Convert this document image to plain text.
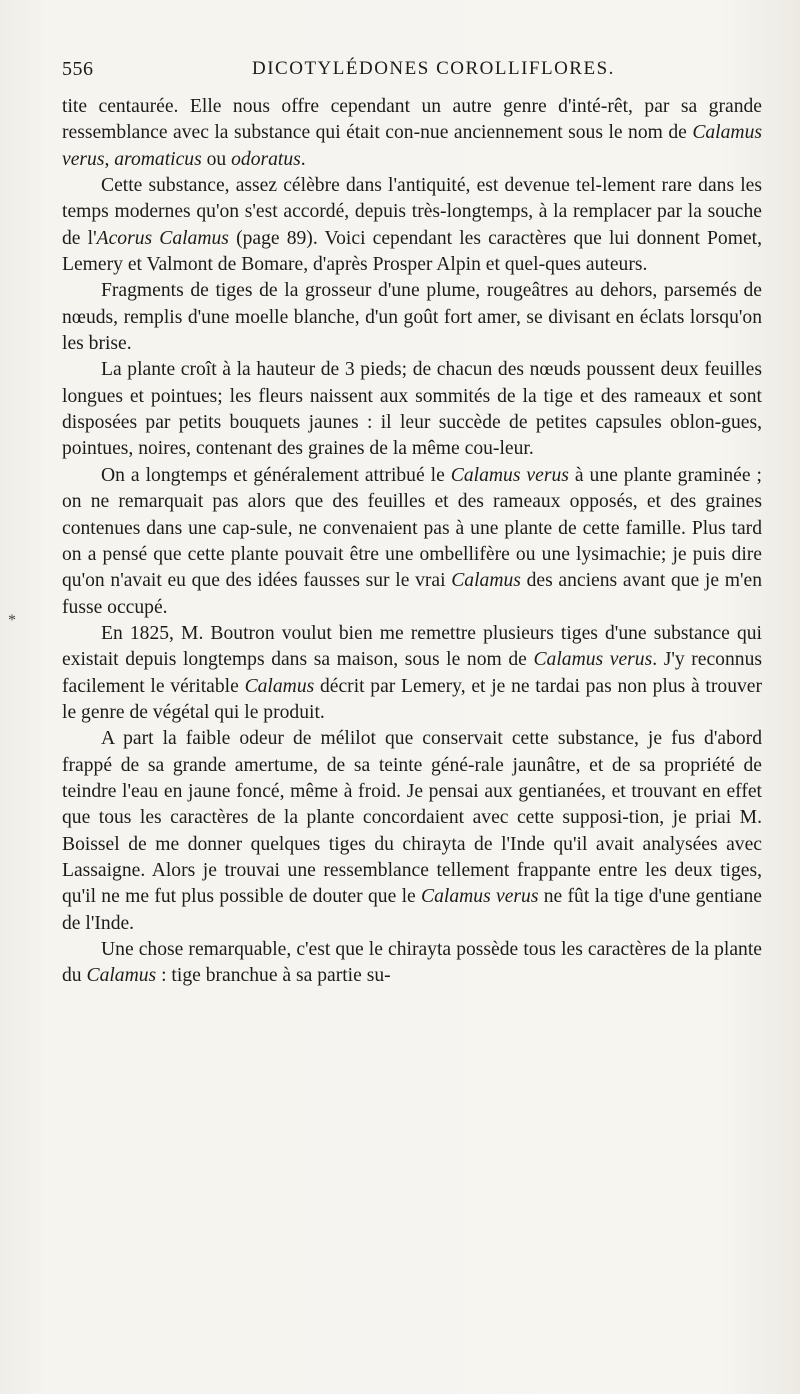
556	DICOTYLÉDONES COROLLIFLORES.
*

tite centaurée. Elle nous offre cependant un autre genre d'inté-rêt, par sa grande ressemblance avec la substance qui était con-nue anciennement sous le nom de Calamus verus, aromaticus ou odoratus.

Cette substance, assez célèbre dans l'antiquité, est devenue tel-lement rare dans les temps modernes qu'on s'est accordé, depuis très-longtemps, à la remplacer par la souche de l'Acorus Calamus (page 89). Voici cependant les caractères que lui donnent Pomet, Lemery et Valmont de Bomare, d'après Prosper Alpin et quel-ques auteurs.

Fragments de tiges de la grosseur d'une plume, rougeâtres au dehors, parsemés de nœuds, remplis d'une moelle blanche, d'un goût fort amer, se divisant en éclats lorsqu'on les brise.

La plante croît à la hauteur de 3 pieds; de chacun des nœuds poussent deux feuilles longues et pointues; les fleurs naissent aux sommités de la tige et des rameaux et sont disposées par petits bouquets jaunes : il leur succède de petites capsules oblon-gues, pointues, noires, contenant des graines de la même cou-leur.

On a longtemps et généralement attribué le Calamus verus à une plante graminée ; on ne remarquait pas alors que des feuilles et des rameaux opposés, et des graines contenues dans une cap-sule, ne convenaient pas à une plante de cette famille. Plus tard on a pensé que cette plante pouvait être une ombellifère ou une lysimachie; je puis dire qu'on n'avait eu que des idées fausses sur le vrai Calamus des anciens avant que je m'en fusse occupé.

En 1825, M. Boutron voulut bien me remettre plusieurs tiges d'une substance qui existait depuis longtemps dans sa maison, sous le nom de Calamus verus. J'y reconnus facilement le véritable Calamus décrit par Lemery, et je ne tardai pas non plus à trouver le genre de végétal qui le produit.

A part la faible odeur de mélilot que conservait cette substance, je fus d'abord frappé de sa grande amertume, de sa teinte géné-rale jaunâtre, et de sa propriété de teindre l'eau en jaune foncé, même à froid. Je pensai aux gentianées, et trouvant en effet que tous les caractères de la plante concordaient avec cette supposi-tion, je priai M. Boissel de me donner quelques tiges du chirayta de l'Inde qu'il avait analysées avec Lassaigne. Alors je trouvai une ressemblance tellement frappante entre les deux tiges, qu'il ne me fut plus possible de douter que le Calamus verus ne fût la tige d'une gentiane de l'Inde.

Une chose remarquable, c'est que le chirayta possède tous les caractères de la plante du Calamus : tige branchue à sa partie su-
